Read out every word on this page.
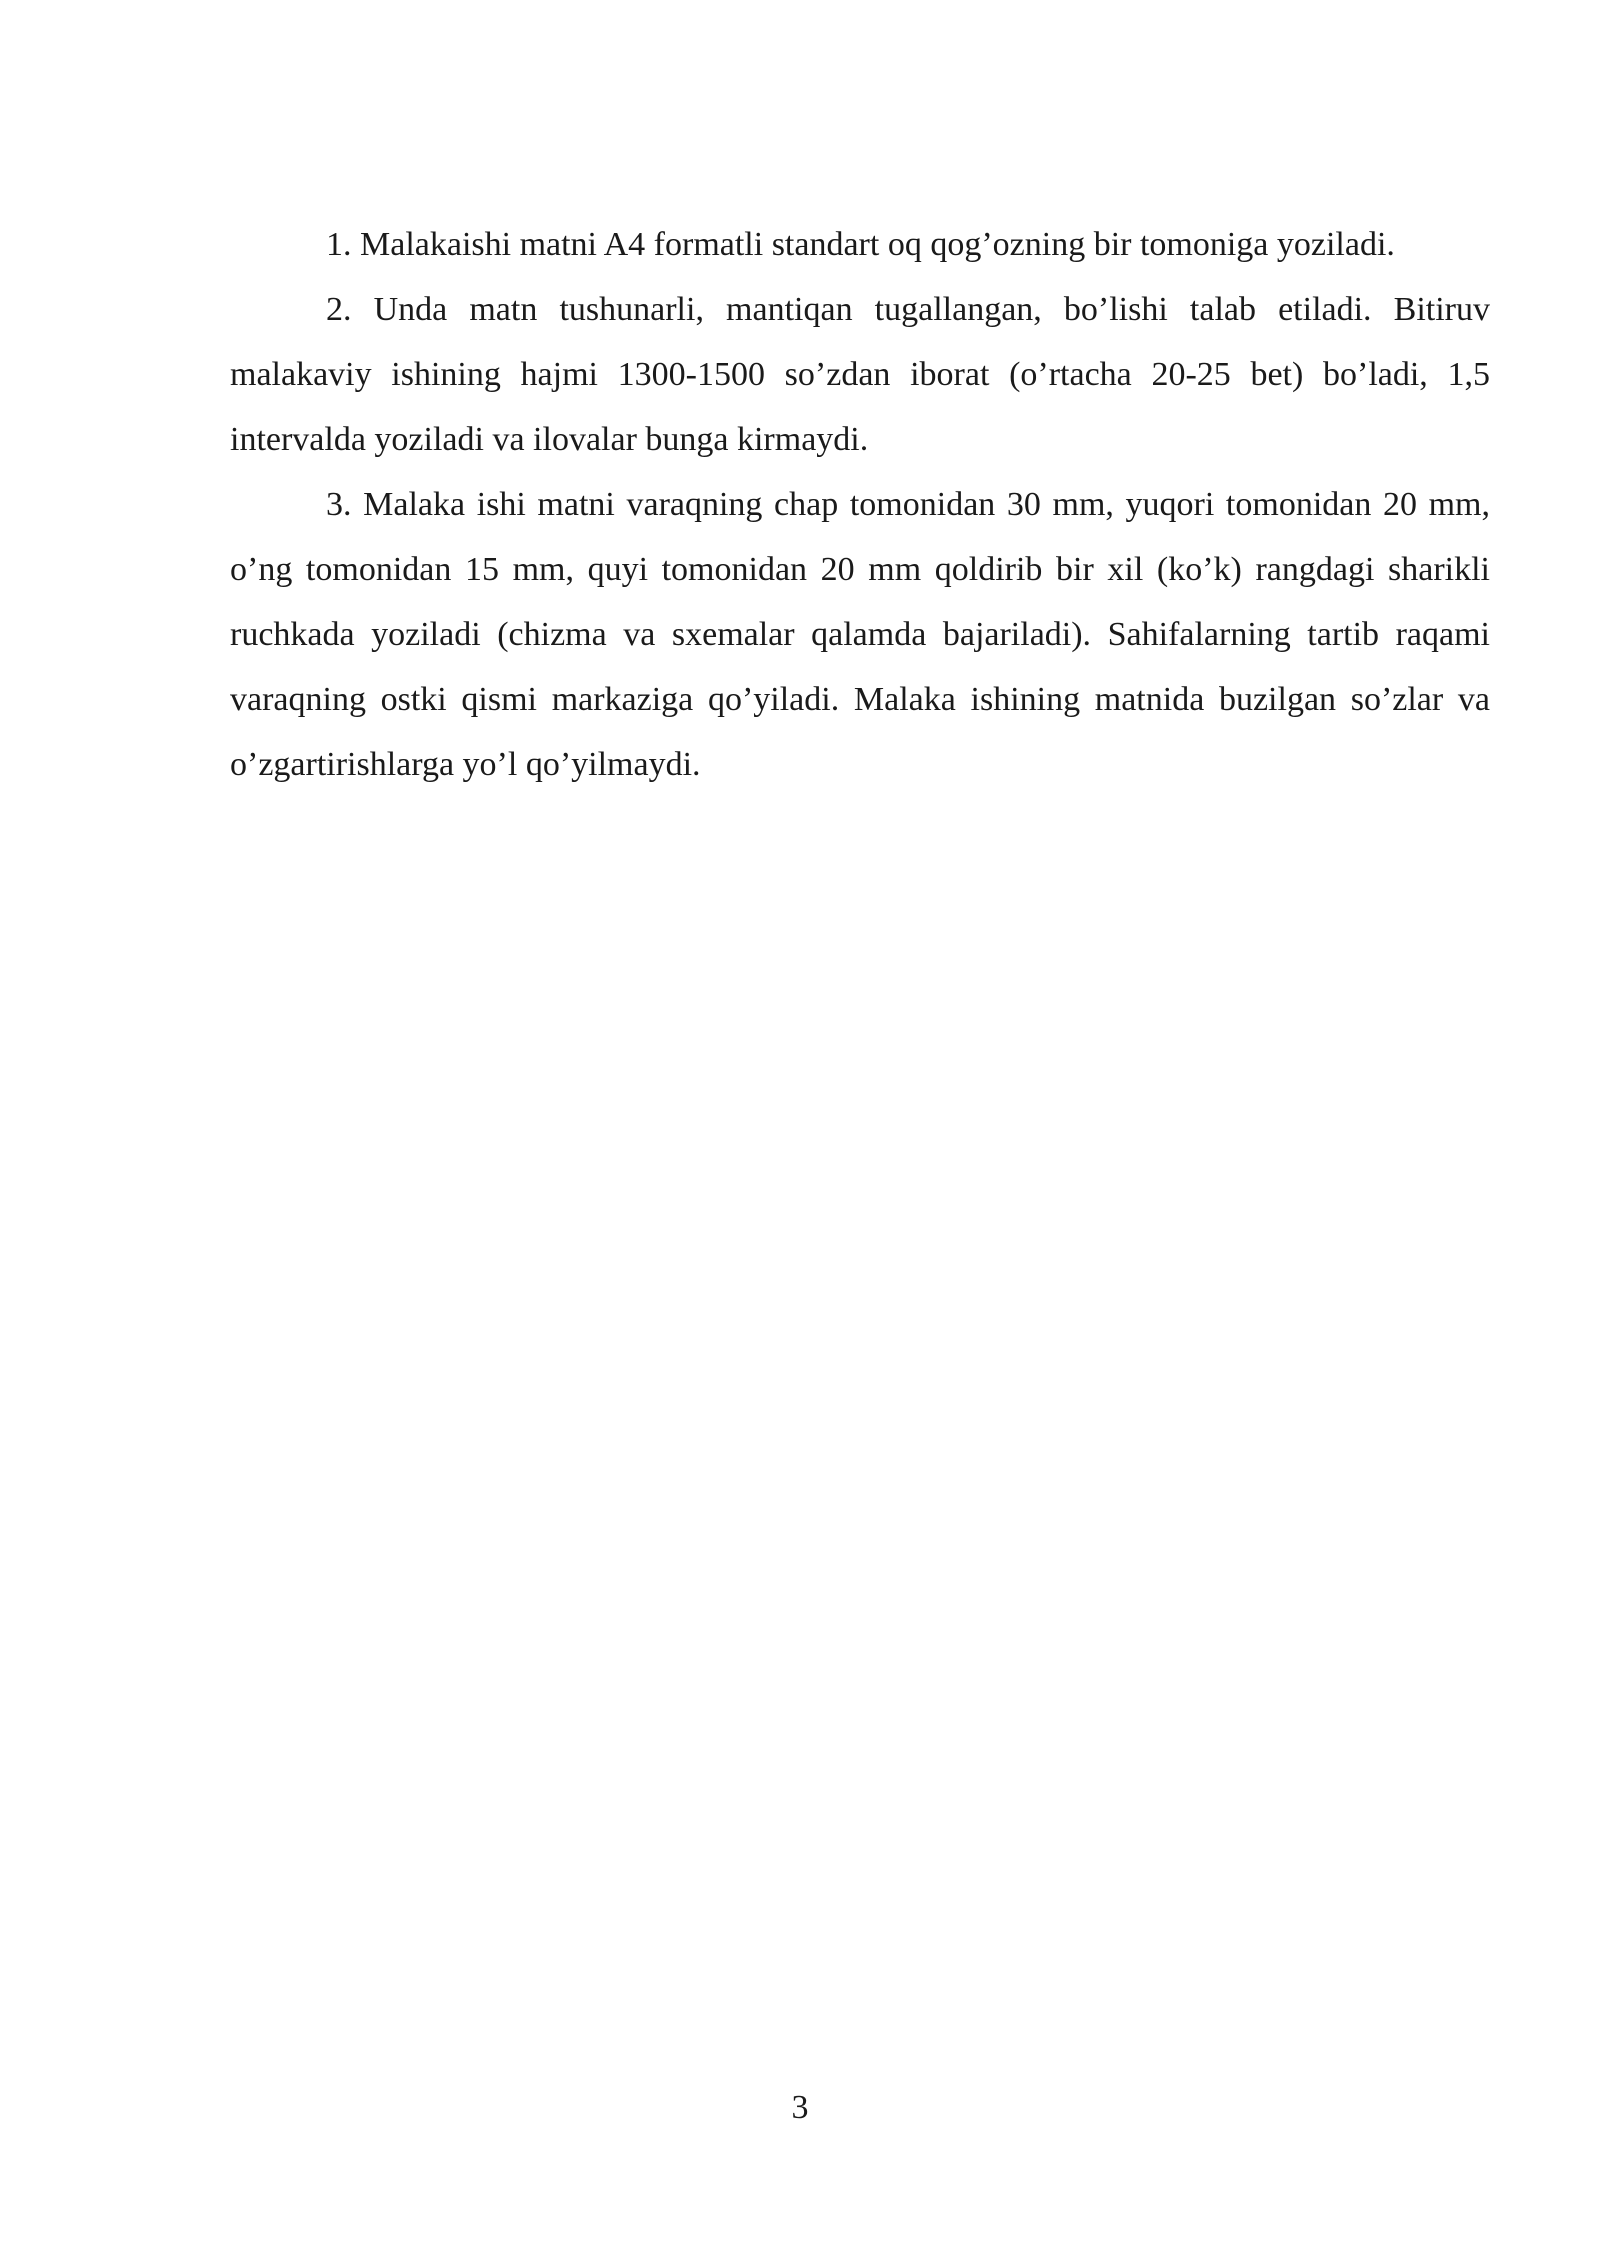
1. Malakaishi matni A4 formatli standart oq qog’ozning bir tomoniga yoziladi.

2. Unda matn tushunarli, mantiqan tugallangan, bo’lishi talab etiladi. Bitiruv malakaviy ishining hajmi 1300-1500 so’zdan iborat (o’rtacha 20-25 bet) bo’ladi, 1,5 intervalda yoziladi va ilovalar bunga kirmaydi.

3. Malaka ishi matni varaqning chap tomonidan 30 mm, yuqori tomonidan 20 mm, o’ng tomonidan 15 mm, quyi tomonidan 20 mm qoldirib bir xil (ko’k) rangdagi sharikli ruchkada yoziladi (chizma va sxemalar qalamda bajariladi). Sahifalarning tartib raqami varaqning ostki qismi markaziga qo’yiladi. Malaka ishining matnida buzilgan so’zlar va o’zgartirishlarga yo’l qo’yilmaydi.

3
